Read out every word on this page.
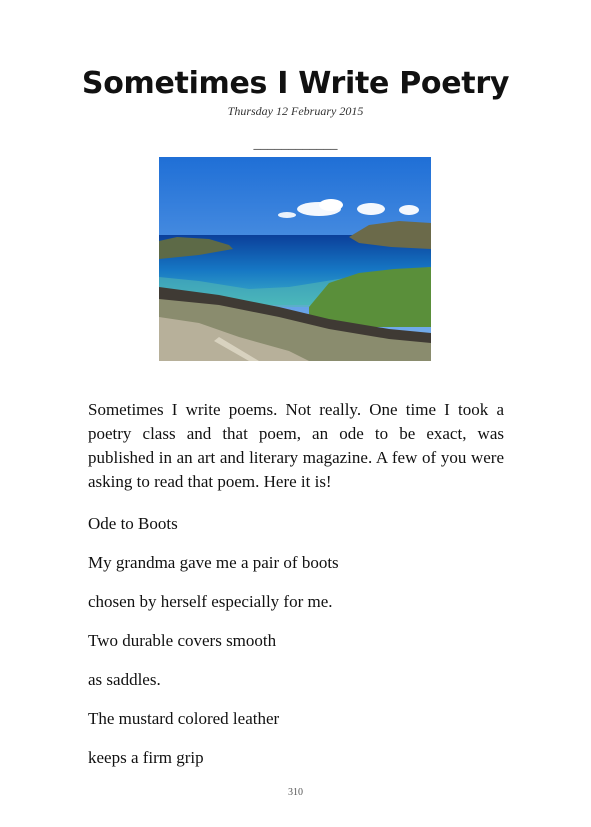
Sometimes I Write Poetry
Thursday 12 February 2015
____________
Sometimes I write poems. Not really. One time I took a poetry class and that poem, an ode to be exact, was published in an art and literary magazine. A few of you were asking to read that poem. Here it is!
Ode to Boots
My grandma gave me a pair of boots
chosen by herself especially for me.
Two durable covers smooth
as saddles.
The mustard colored leather
keeps a firm grip
310
